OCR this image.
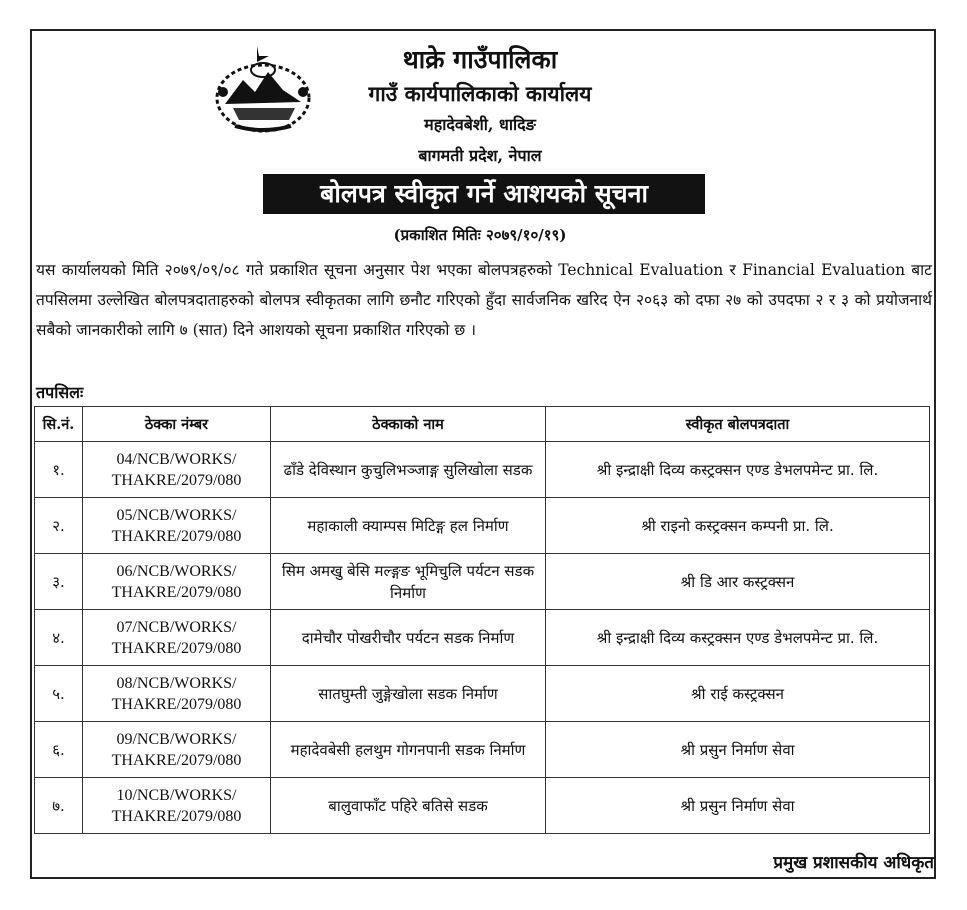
थाक्रे गाउँपालिका
गाउँ कार्यपालिकाको कार्यालय
महादेवबेशी, धादिङ
बागमती प्रदेश, नेपाल
बोलपत्र स्वीकृत गर्ने आशयको सूचना
(प्रकाशित मितिः २०७९/१०/१९)

यस कार्यालयको मिति २०७९/०९/०८ गते प्रकाशित सूचना अनुसार पेश भएका बोलपत्रहरुको Technical Evaluation र Financial Evaluation बाट तपसिलमा उल्लेखित बोलपत्रदाताहरुको बोलपत्र स्वीकृतका लागि छनौट गरिएको हुँदा सार्वजनिक खरिद ऐन २०६३ को दफा २७ को उपदफा २ र ३ को प्रयोजनार्थ सबैको जानकारीको लागि ७ (सात) दिने आशयको सूचना प्रकाशित गरिएको छ ।

तपसिलः
सि.नं.	ठेक्का नंम्बर	ठेक्काको नाम	स्वीकृत बोलपत्रदाता
१.	04/NCB/WORKS/ THAKRE/2079/080	ढाँडे देविस्थान कुचुलिभञ्जाङ्ग सुलिखोला सडक	श्री इन्द्राक्षी दिव्य कस्ट्रक्सन एण्ड डेभलपमेन्ट प्रा. लि.
२.	05/NCB/WORKS/ THAKRE/2079/080	महाकाली क्याम्पस मिटिङ्ग हल निर्माण	श्री राइनो कस्ट्रक्सन कम्पनी प्रा. लि.
३.	06/NCB/WORKS/ THAKRE/2079/080	सिम अमखु बेसि मल्ङ्गङ भूमिचुलि पर्यटन सडक निर्माण	श्री डि आर कस्ट्रक्सन
४.	07/NCB/WORKS/ THAKRE/2079/080	दामेचौर पोखरीचौर पर्यटन सडक निर्माण	श्री इन्द्राक्षी दिव्य कस्ट्रक्सन एण्ड डेभलपमेन्ट प्रा. लि.
५.	08/NCB/WORKS/ THAKRE/2079/080	सातघुम्ती जुङ्गेखोला सडक निर्माण	श्री राई कस्ट्रक्सन
६.	09/NCB/WORKS/ THAKRE/2079/080	महादेवबेसी हलथुम गोगनपानी सडक निर्माण	श्री प्रसुन निर्माण सेवा
७.	10/NCB/WORKS/ THAKRE/2079/080	बालुवाफाँट पहिरे बतिसे सडक	श्री प्रसुन निर्माण सेवा
प्रमुख प्रशासकीय अधिकृत
